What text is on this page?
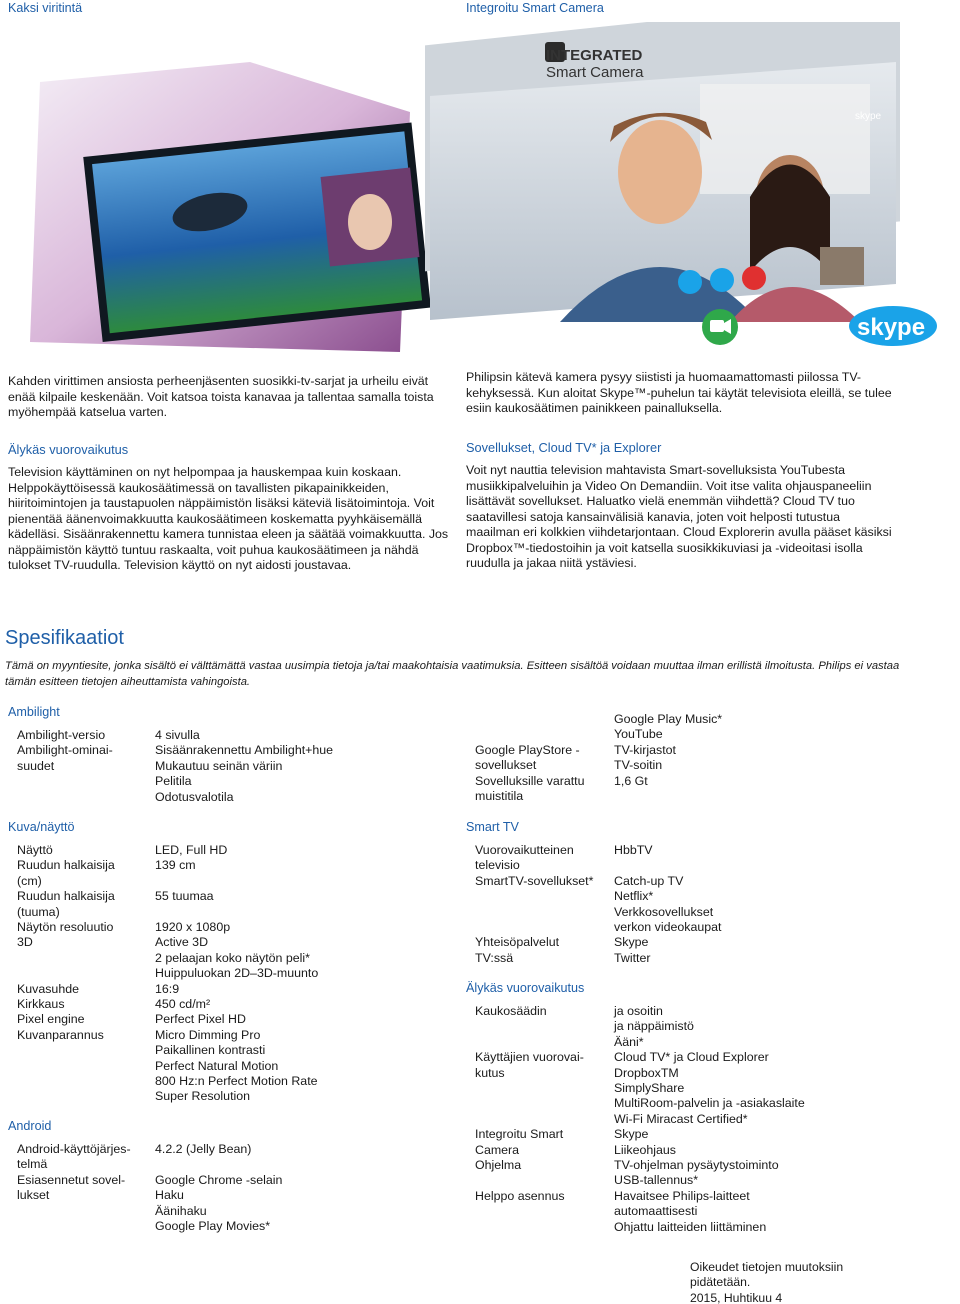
Kaksi viritintä	Integroitu Smart Camera
INTEGRATED
Smart Camera
skype
skype
Kahden virittimen ansiosta perheenjäsenten suosikki-tv-sarjat ja urheilu eivät enää kilpaile keskenään. Voit katsoa toista kanavaa ja tallentaa samalla toista myöhempää katselua varten.
Älykäs vuorovaikutus
Television käyttäminen on nyt helpompaa ja hauskempaa kuin koskaan. Helppokäyttöisessä kaukosäätimessä on tavallisten pikapainikkeiden, hiiritoimintojen ja taustapuolen näppäimistön lisäksi käteviä lisätoimintoja. Voit pienentää äänenvoimakkuutta kaukosäätimeen koskematta pyyhkäisemällä kädelläsi. Sisäänrakennettu kamera tunnistaa eleen ja säätää voimakkuutta. Jos näppäimistön käyttö tuntuu raskaalta, voit puhua kaukosäätimeen ja nähdä tulokset TV-ruudulla. Television käyttö on nyt aidosti joustavaa.
Philipsin kätevä kamera pysyy siististi ja huomaamattomasti piilossa TV-kehyksessä. Kun aloitat Skype™-puhelun tai käytät televisiota eleillä, se tulee esiin kaukosäätimen painikkeen painalluksella.
Sovellukset, Cloud TV* ja Explorer
Voit nyt nauttia television mahtavista Smart-sovelluksista YouTubesta musiikkipalveluihin ja Video On Demandiin. Voit itse valita ohjauspaneeliin lisättävät sovellukset. Haluatko vielä enemmän viihdettä? Cloud TV tuo saatavillesi satoja kansainvälisiä kanavia, joten voit helposti tutustua maailman eri kolkkien viihdetarjontaan. Cloud Explorerin avulla pääset käsiksi Dropbox™-tiedostoihin ja voit katsella suosikkikuviasi ja -videoitasi isolla ruudulla ja jakaa niitä ystäviesi.
Spesifikaatiot
Tämä on myyntiesite, jonka sisältö ei välttämättä vastaa uusimpia tietoja ja/tai maakohtaisia vaatimuksia. Esitteen sisältöä voidaan muuttaa ilman erillistä ilmoitusta. Philips ei vastaa tämän esitteen tietojen aiheuttamista vahingoista.
Ambilight
Ambilight-versio
Ambilight-ominai-
suudet
4 sivulla
Sisäänrakennettu Ambilight+hue
Mukautuu seinän väriin
Pelitila
Odotusvalotila
Kuva/näyttö
Näyttö
Ruudun halkaisija
(cm)
Ruudun halkaisija
(tuuma)
Näytön resoluutio
3D
Kuvasuhde
Kirkkaus
Pixel engine
Kuvanparannus
LED, Full HD
139 cm
55 tuumaa
1920 x 1080p
Active 3D
2 pelaajan koko näytön peli*
Huippuluokan 2D–3D-muunto
16:9
450 cd/m²
Perfect Pixel HD
Micro Dimming Pro
Paikallinen kontrasti
Perfect Natural Motion
800 Hz:n Perfect Motion Rate
Super Resolution
Android
Android-käyttöjärjes-
telmä
Esiasennetut sovel-
lukset
4.2.2 (Jelly Bean)
Google Chrome -selain
Haku
Äänihaku
Google Play Movies*
Google Play Music*
YouTube
TV-kirjastot
TV-soitin
1,6 Gt
Google PlayStore -
sovellukset
Sovelluksille varattu
muistitila
Smart TV
Vuorovaikutteinen
televisio
SmartTV-sovellukset*
Yhteisöpalvelut
TV:ssä
HbbTV
Catch-up TV
Netflix*
Verkkosovellukset
verkon videokaupat
Skype
Twitter
Älykäs vuorovaikutus
Kaukosäädin
Käyttäjien vuorovai-
kutus
Integroitu Smart
Camera
Ohjelma
Helppo asennus
ja osoitin
ja näppäimistö
Ääni*
Cloud TV* ja Cloud Explorer
DropboxTM
SimplyShare
MultiRoom-palvelin ja -asiakaslaite
Wi-Fi Miracast Certified*
Skype
Liikeohjaus
TV-ohjelman pysäytystoiminto
USB-tallennus*
Havaitsee Philips-laitteet
automaattisesti
Ohjattu laitteiden liittäminen
Oikeudet tietojen muutoksiin
pidätetään.
2015, Huhtikuu 4
